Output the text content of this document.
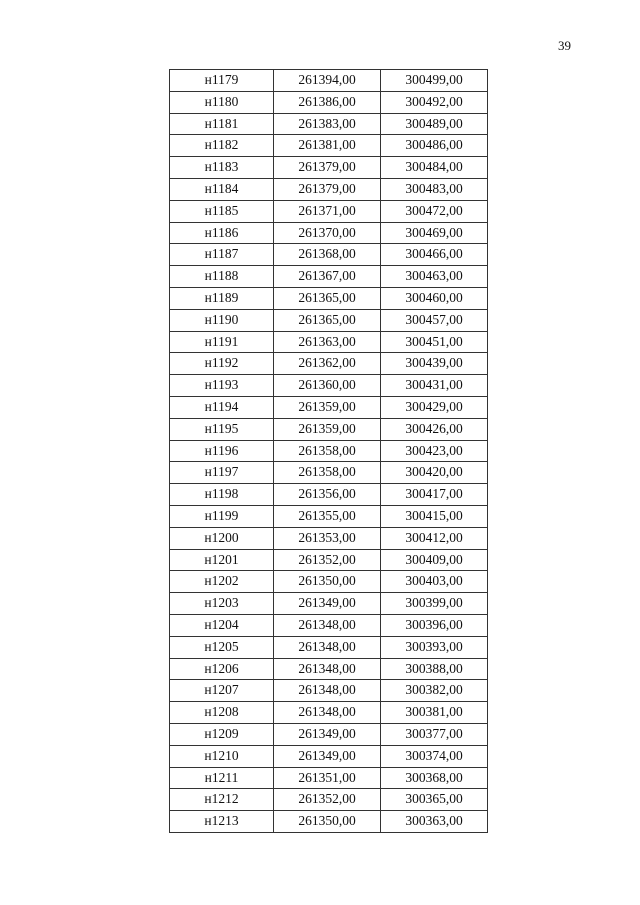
39
н1179	261394,00	300499,00
н1180	261386,00	300492,00
н1181	261383,00	300489,00
н1182	261381,00	300486,00
н1183	261379,00	300484,00
н1184	261379,00	300483,00
н1185	261371,00	300472,00
н1186	261370,00	300469,00
н1187	261368,00	300466,00
н1188	261367,00	300463,00
н1189	261365,00	300460,00
н1190	261365,00	300457,00
н1191	261363,00	300451,00
н1192	261362,00	300439,00
н1193	261360,00	300431,00
н1194	261359,00	300429,00
н1195	261359,00	300426,00
н1196	261358,00	300423,00
н1197	261358,00	300420,00
н1198	261356,00	300417,00
н1199	261355,00	300415,00
н1200	261353,00	300412,00
н1201	261352,00	300409,00
н1202	261350,00	300403,00
н1203	261349,00	300399,00
н1204	261348,00	300396,00
н1205	261348,00	300393,00
н1206	261348,00	300388,00
н1207	261348,00	300382,00
н1208	261348,00	300381,00
н1209	261349,00	300377,00
н1210	261349,00	300374,00
н1211	261351,00	300368,00
н1212	261352,00	300365,00
н1213	261350,00	300363,00
